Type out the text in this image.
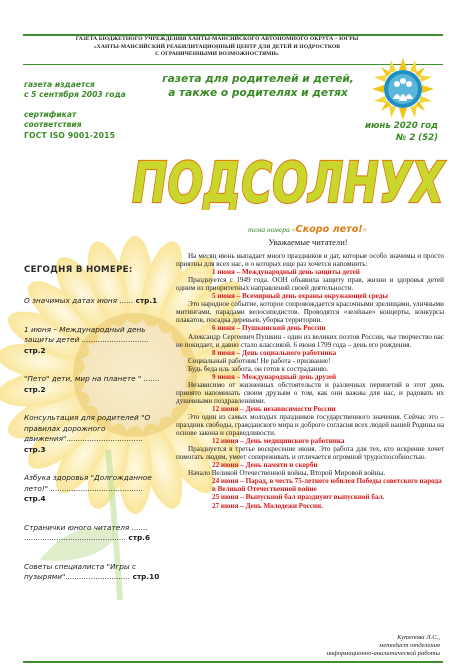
ГАЗЕТА БЮДЖЕТНОГО УЧРЕЖДЕНИЯ ХАНТЫ-МАНСИЙСКОГО АВТОНОМНОГО ОКРУГА – ЮГРЫ
«ХАНТЫ-МАНСИЙСКИЙ РЕАБИЛИТАЦИОННЫЙ ЦЕНТР ДЛЯ ДЕТЕЙ И ПОДРОСТКОВ
С ОГРАНИЧЕННЫМИ ВОЗМОЖНОСТЯМИ»
газета издается
с 5 сентября 2003 года
сертификат
соответствия
ГОСТ ISO 9001-2015
газета для родителей и детей,
а также о родителях и детях
июнь 2020 год
№ 2 (52)
ПОДСОЛНУХ
тема номера «Скоро лето!»
СЕГОДНЯ В НОМЕРЕ:
О значимых датах июня ...... стр.1
1 июня – Международный день защиты детей ............................. стр.2
"Пето" дети, мир на планете " ....... стр.2
Консультация для родителей "О правилах дорожного движения"................................. стр.3
Азбука здоровья "Долгожданное лето!" ........................................ стр.4
Странички юного читателя ....... ............................................ стр.6
Советы специалиста "Игры с пузырями"............................ стр.10
Уважаемые читатели!

На месяц июнь выпадает много праздников и дат, которые особо значимы и просто приятны для всех нас, и о которых еще раз хочется напомнить:

1 июня – Международный день защиты детей

Празднуется с 1949 года. ООН объявила защиту прав, жизни и здоровья детей одним из приоритетных направлений своей деятельности.

5 июня – Всемирный день охраны окружающей среды

Это народное событие, которое сопровождается красочными зрелищами, уличными митингами, парадами велосипедистов. Проводятся «зелёные» концерты, конкурсы плакатов, посадка деревьев, уборка территории.

6 июня – Пушкинский день России

Александр Сергеевич Пушкин - один из великих поэтов России, чье творчество нас не покидает, и давно стало классикой. 6 июня 1799 года – день его рождения.

8 июня – День социального работника

Социальный работник! Не работа - призвание!

Будь беда иль забота, он готов к состраданию.

9 июня – Международный день друзей

Независимо от жизненных обстоятельств и различных перипетий в этот день принято напоминать своим друзьям о том, как они важны для нас, и радовать их душевными поздравлениями.

12 июня – День независимости России

Это один из самых молодых праздников государственного значения. Сейчас это – праздник свободы, гражданского мира и доброго согласия всех людей нашей Родины на основе закона и справедливости.

12 июня – День медицинского работника

Празднуется в третье воскресение июня. Это работа для тех, кто искренне хочет помогать людям, умеет сопереживать и отличается огромной трудоспособностью.

22 июня – День памяти и скорби

Начало Великой Отечественной войны, Второй Мировой войны.

24 июня – Парад, в честь 75-летнего юбилея Победы советского народа в Великой Отечественной войне

25 июня – Выпускной бал празднуют выпускной бал.

27 июня – День Молодежи России.

Кутепова Л.С.,
методист отделения
информационно-аналитической работы
